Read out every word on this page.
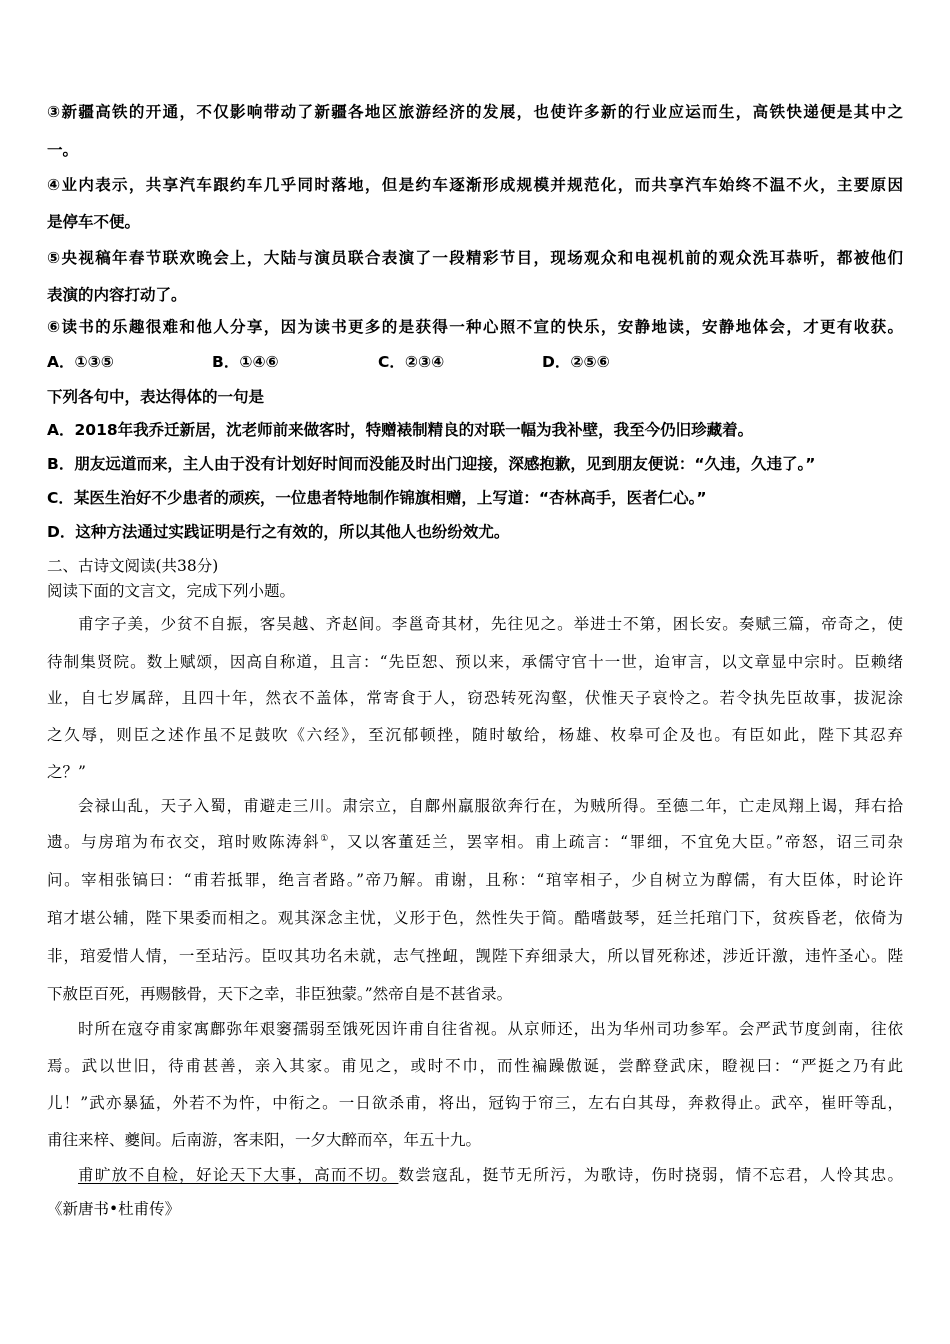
③新疆高铁的开通，不仅影响带动了新疆各地区旅游经济的发展，也使许多新的行业应运而生，高铁快递便是其中之
一。
④业内表示，共享汽车跟约车几乎同时落地，但是约车逐渐形成规模并规范化，而共享汽车始终不温不火，主要原因
是停车不便。
⑤央视稿年春节联欢晚会上，大陆与演员联合表演了一段精彩节目，现场观众和电视机前的观众洗耳恭听，都被他们
表演的内容打动了。
⑥读书的乐趣很难和他人分享，因为读书更多的是获得一种心照不宣的快乐，安静地读，安静地体会，才更有收获。
A．①③⑤	B．①④⑥	C．②③④	D．②⑤⑥
下列各句中，表达得体的一句是
A．2018年我乔迁新居，沈老师前来做客时，特赠裱制精良的对联一幅为我补壁，我至今仍旧珍藏着。
B．朋友远道而来，主人由于没有计划好时间而没能及时出门迎接，深感抱歉，见到朋友便说：“久违，久违了。”
C．某医生治好不少患者的顽疾，一位患者特地制作锦旗相赠，上写道：“杏林高手，医者仁心。”
D．这种方法通过实践证明是行之有效的，所以其他人也纷纷效尤。
二、古诗文阅读(共38分)
阅读下面的文言文，完成下列小题。
甫字子美，少贫不自振，客吴越、齐赵间。李邕奇其材，先往见之。举进士不第，困长安。奏赋三篇，帝奇之，使
待制集贤院。数上赋颂，因高自称道，且言：“先臣恕、预以来，承儒守官十一世，迨审言，以文章显中宗时。臣赖绪
业，自七岁属辞，且四十年，然衣不盖体，常寄食于人，窃恐转死沟壑，伏惟天子哀怜之。若令执先臣故事，拔泥涂
之久辱，则臣之述作虽不足鼓吹《六经》，至沉郁顿挫，随时敏给，杨雄、枚皋可企及也。有臣如此，陛下其忍弃
之？”
会禄山乱，天子入蜀，甫避走三川。肃宗立，自鄜州羸服欲奔行在，为贼所得。至德二年，亡走凤翔上谒，拜右拾
遗。与房琯为布衣交，琯时败陈涛斜①，又以客董廷兰，罢宰相。甫上疏言：“罪细，不宜免大臣。”帝怒，诏三司杂
问。宰相张镐曰：“甫若抵罪，绝言者路。”帝乃解。甫谢，且称：“琯宰相子，少自树立为醇儒，有大臣体，时论许
琯才堪公辅，陛下果委而相之。观其深念主忧，义形于色，然性失于简。酷嗜鼓琴，廷兰托琯门下，贫疾昏老，依倚为
非，琯爱惜人情，一至玷污。臣叹其功名未就，志气挫衄，觊陛下弃细录大，所以冒死称述，涉近讦激，违忤圣心。陛
下赦臣百死，再赐骸骨，天下之幸，非臣独蒙。”然帝自是不甚省录。
时所在寇夺甫家寓鄜弥年艰窭孺弱至饿死因许甫自往省视。从京师还，出为华州司功参军。会严武节度剑南，往依
焉。武以世旧，待甫甚善，亲入其家。甫见之，或时不巾，而性褊躁傲诞，尝醉登武床，瞪视曰：“严挺之乃有此
儿！”武亦暴猛，外若不为忤，中衔之。一日欲杀甫，将出，冠钩于帘三，左右白其母，奔救得止。武卒，崔旰等乱，
甫往来梓、夔间。后南游，客耒阳，一夕大醉而卒，年五十九。
甫旷放不自检，好论天下大事，高而不切。数尝寇乱，挺节无所污，为歌诗，伤时挠弱，情不忘君，人怜其忠。
《新唐书•杜甫传》
